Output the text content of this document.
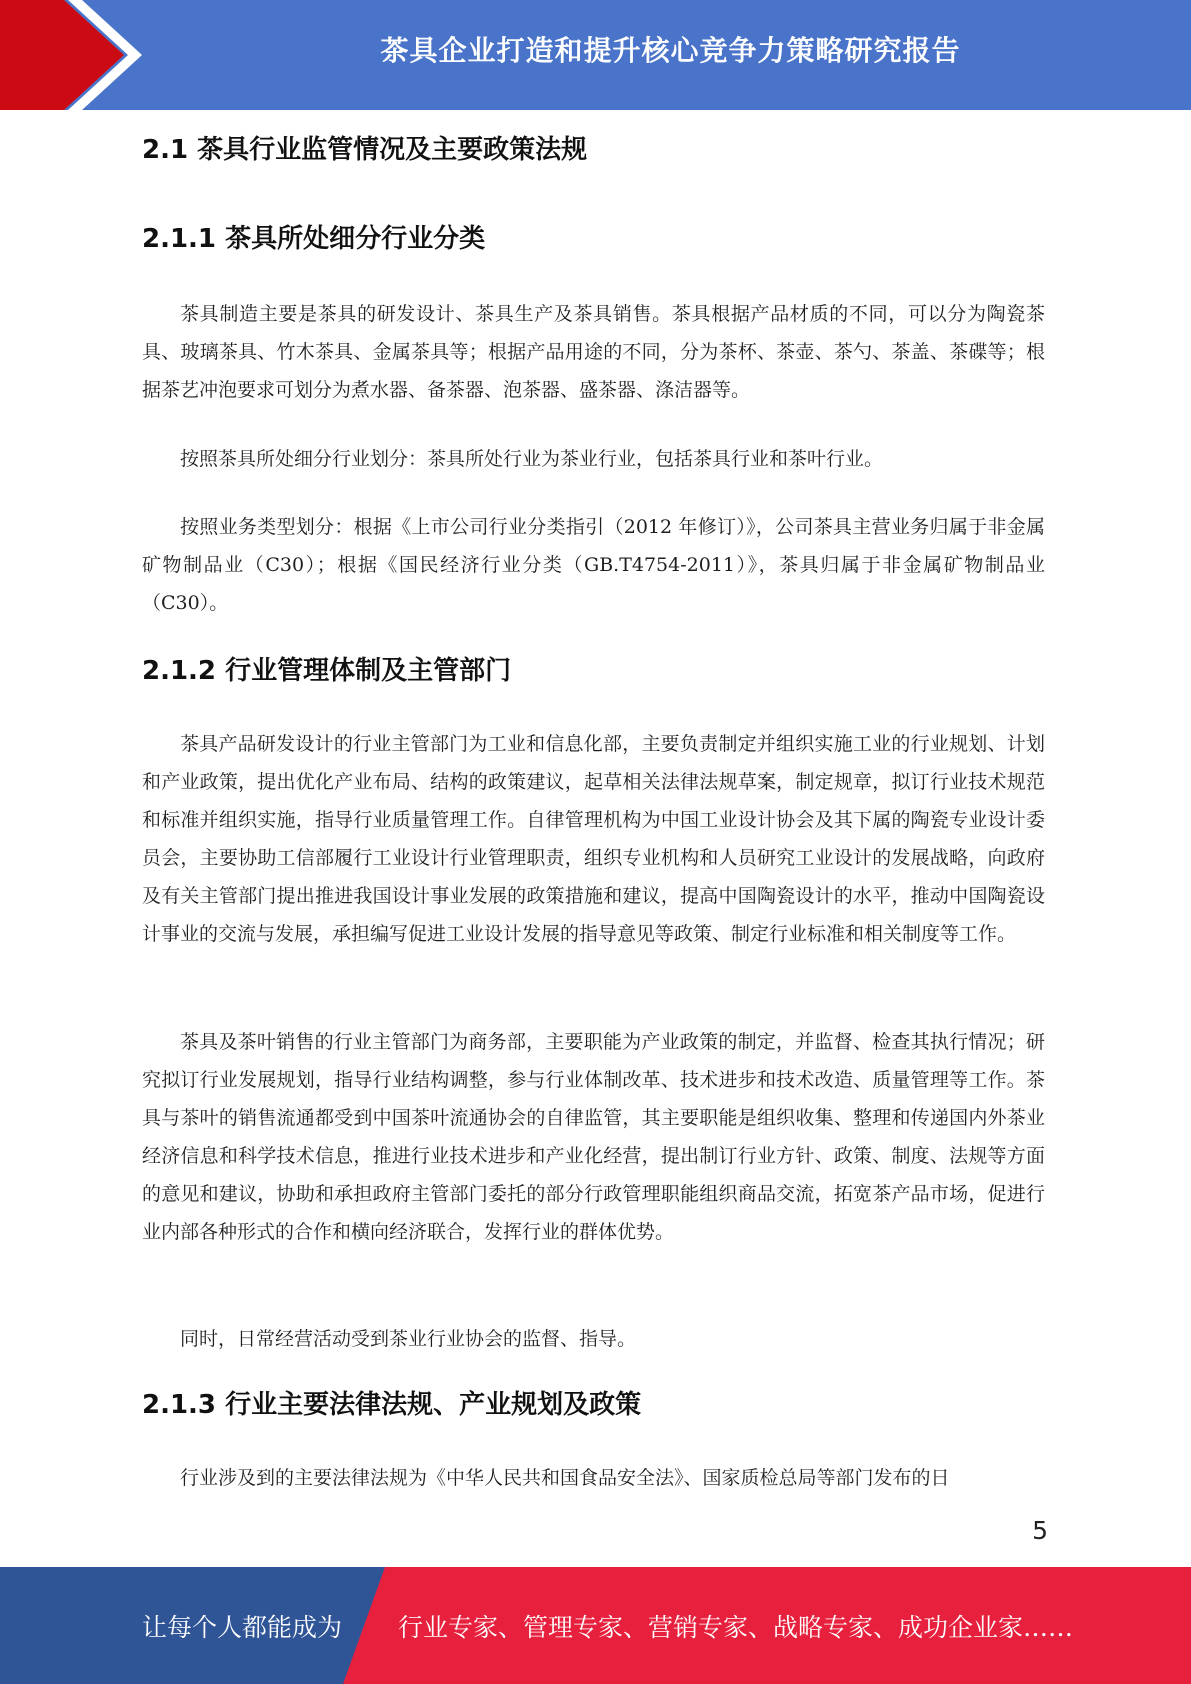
茶具企业打造和提升核心竞争力策略研究报告
2.1 茶具行业监管情况及主要政策法规
2.1.1 茶具所处细分行业分类

茶具制造主要是茶具的研发设计、茶具生产及茶具销售。茶具根据产品材质的不同，可以分为陶瓷茶具、玻璃茶具、竹木茶具、金属茶具等；根据产品用途的不同，分为茶杯、茶壶、茶勺、茶盖、茶碟等；根据茶艺冲泡要求可划分为煮水器、备茶器、泡茶器、盛茶器、涤洁器等。

按照茶具所处细分行业划分：茶具所处行业为茶业行业，包括茶具行业和茶叶行业。

按照业务类型划分：根据《上市公司行业分类指引（2012 年修订）》，公司茶具主营业务归属于非金属矿物制品业（C30）；根据《国民经济行业分类（GB.T4754-2011）》，茶具归属于非金属矿物制品业（C30）。

2.1.2 行业管理体制及主管部门

茶具产品研发设计的行业主管部门为工业和信息化部，主要负责制定并组织实施工业的行业规划、计划和产业政策，提出优化产业布局、结构的政策建议，起草相关法律法规草案，制定规章，拟订行业技术规范和标准并组织实施，指导行业质量管理工作。自律管理机构为中国工业设计协会及其下属的陶瓷专业设计委员会，主要协助工信部履行工业设计行业管理职责，组织专业机构和人员研究工业设计的发展战略，向政府及有关主管部门提出推进我国设计事业发展的政策措施和建议，提高中国陶瓷设计的水平，推动中国陶瓷设计事业的交流与发展，承担编写促进工业设计发展的指导意见等政策、制定行业标准和相关制度等工作。

茶具及茶叶销售的行业主管部门为商务部，主要职能为产业政策的制定，并监督、检查其执行情况；研究拟订行业发展规划，指导行业结构调整，参与行业体制改革、技术进步和技术改造、质量管理等工作。茶具与茶叶的销售流通都受到中国茶叶流通协会的自律监管，其主要职能是组织收集、整理和传递国内外茶业经济信息和科学技术信息，推进行业技术进步和产业化经营，提出制订行业方针、政策、制度、法规等方面的意见和建议，协助和承担政府主管部门委托的部分行政管理职能组织商品交流，拓宽茶产品市场，促进行业内部各种形式的合作和横向经济联合，发挥行业的群体优势。

同时，日常经营活动受到茶业行业协会的监督、指导。

2.1.3 行业主要法律法规、产业规划及政策

行业涉及到的主要法律法规为《中华人民共和国食品安全法》、国家质检总局等部门发布的日

5
让每个人都能成为 行业专家、管理专家、营销专家、战略专家、成功企业家……
